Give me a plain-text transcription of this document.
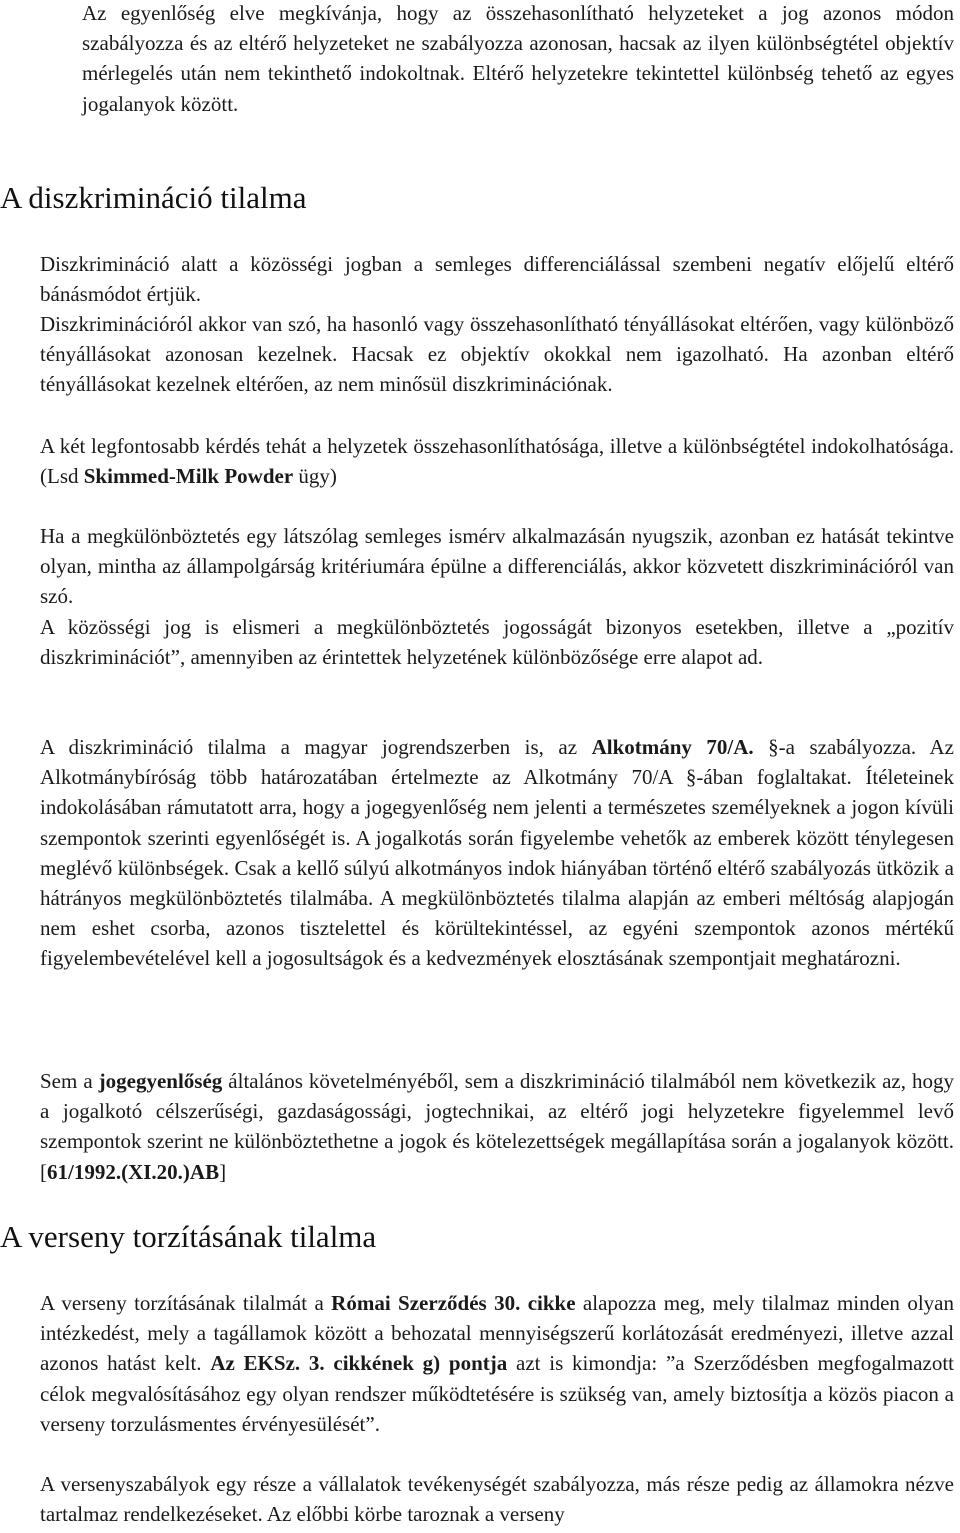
Az egyenlőség elve megkívánja, hogy az összehasonlítható helyzeteket a jog azonos módon szabályozza és az eltérő helyzeteket ne szabályozza azonosan, hacsak az ilyen különbségtétel objektív mérlegelés után nem tekinthető indokoltnak. Eltérő helyzetekre tekintettel különbség tehető az egyes jogalanyok között.

A diszkrimináció tilalma

Diszkrimináció alatt a közösségi jogban a semleges differenciálással szembeni negatív előjelű eltérő bánásmódot értjük.

Diszkriminációról akkor van szó, ha hasonló vagy összehasonlítható tényállásokat eltérően, vagy különböző tényállásokat azonosan kezelnek. Hacsak ez objektív okokkal nem igazolható. Ha azonban eltérő tényállásokat kezelnek eltérően, az nem minősül diszkriminációnak.

A két legfontosabb kérdés tehát a helyzetek összehasonlíthatósága, illetve a különbségtétel indokolhatósága. (Lsd Skimmed-Milk Powder ügy)

Ha a megkülönböztetés egy látszólag semleges ismérv alkalmazásán nyugszik, azonban ez hatását tekintve olyan, mintha az állampolgárság kritériumára épülne a differenciálás, akkor közvetett diszkriminációról van szó.

A közösségi jog is elismeri a megkülönböztetés jogosságát bizonyos esetekben, illetve a „pozitív diszkriminációt”, amennyiben az érintettek helyzetének különbözősége erre alapot ad.

A diszkrimináció tilalma a magyar jogrendszerben is, az Alkotmány 70/A. §-a szabályozza. Az Alkotmánybíróság több határozatában értelmezte az Alkotmány 70/A §-ában foglaltakat. Ítéleteinek indokolásában rámutatott arra, hogy a jogegyenlőség nem jelenti a természetes személyeknek a jogon kívüli szempontok szerinti egyenlőségét is. A jogalkotás során figyelembe vehetők az emberek között ténylegesen meglévő különbségek. Csak a kellő súlyú alkotmányos indok hiányában történő eltérő szabályozás ütközik a hátrányos megkülönböztetés tilalmába. A megkülönböztetés tilalma alapján az emberi méltóság alapjogán nem eshet csorba, azonos tisztelettel és körültekintéssel, az egyéni szempontok azonos mértékű figyelembevételével kell a jogosultságok és a kedvezmények elosztásának szempontjait meghatározni.

Sem a jogegyenlőség általános követelményéből, sem a diszkrimináció tilalmából nem következik az, hogy a jogalkotó célszerűségi, gazdaságossági, jogtechnikai, az eltérő jogi helyzetekre figyelemmel levő szempontok szerint ne különböztethetne a jogok és kötelezettségek megállapítása során a jogalanyok között. [61/1992.(XI.20.)AB]

A verseny torzításának tilalma

A verseny torzításának tilalmát a Római Szerződés 30. cikke alapozza meg, mely tilalmaz minden olyan intézkedést, mely a tagállamok között a behozatal mennyiségszerű korlátozását eredményezi, illetve azzal azonos hatást kelt. Az EKSz. 3. cikkének g) pontja azt is kimondja: ”a Szerződésben megfogalmazott célok megvalósításához egy olyan rendszer működtetésére is szükség van, amely biztosítja a közös piacon a verseny torzulásmentes érvényesülését”.

A versenyszabályok egy része a vállalatok tevékenységét szabályozza, más része pedig az államokra nézve tartalmaz rendelkezéseket. Az előbbi körbe taroznak a verseny
